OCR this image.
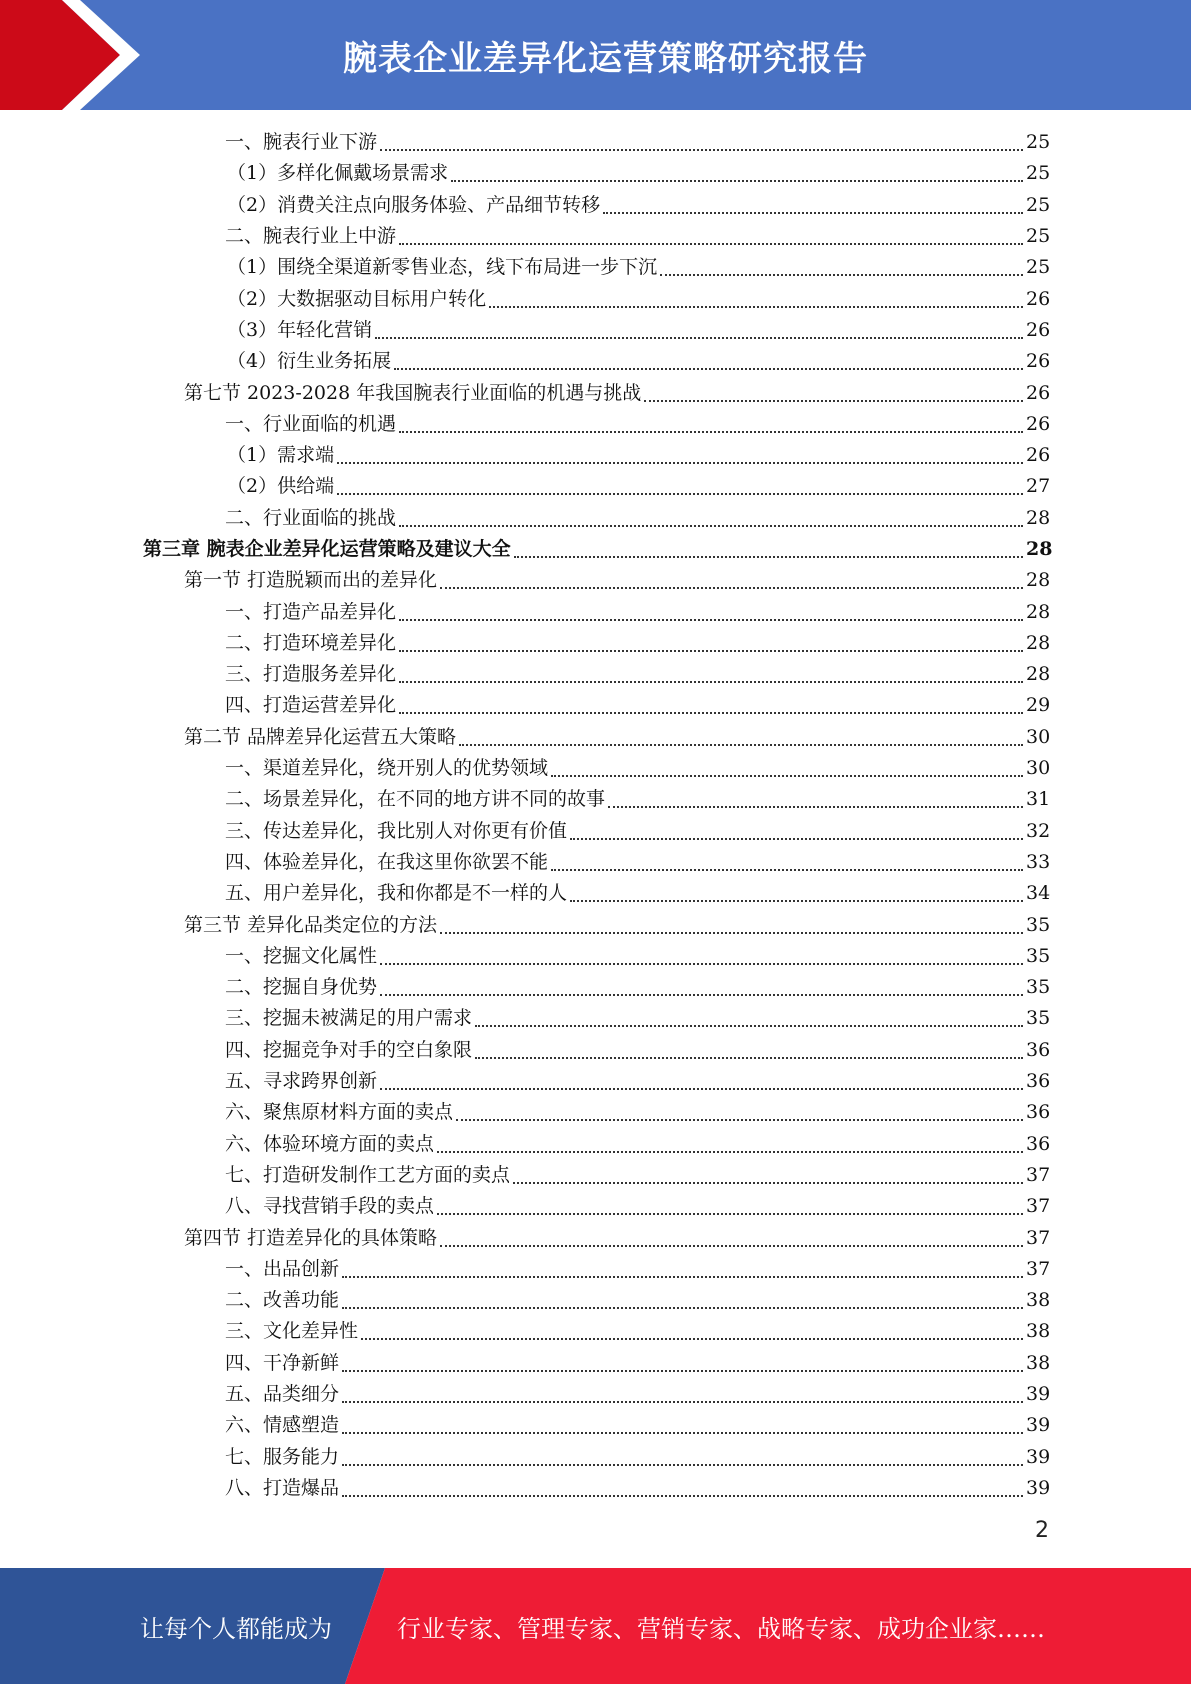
腕表企业差异化运营策略研究报告
一、腕表行业下游	25
（1）多样化佩戴场景需求	25
（2）消费关注点向服务体验、产品细节转移	25
二、腕表行业上中游	25
（1）围绕全渠道新零售业态，线下布局进一步下沉	25
（2）大数据驱动目标用户转化	26
（3）年轻化营销	26
（4）衍生业务拓展	26
第七节 2023-2028 年我国腕表行业面临的机遇与挑战	26
一、行业面临的机遇	26
（1）需求端	26
（2）供给端	27
二、行业面临的挑战	28
第三章 腕表企业差异化运营策略及建议大全	28
第一节 打造脱颖而出的差异化	28
一、打造产品差异化	28
二、打造环境差异化	28
三、打造服务差异化	28
四、打造运营差异化	29
第二节 品牌差异化运营五大策略	30
一、渠道差异化，绕开别人的优势领域	30
二、场景差异化，在不同的地方讲不同的故事	31
三、传达差异化，我比别人对你更有价值	32
四、体验差异化，在我这里你欲罢不能	33
五、用户差异化，我和你都是不一样的人	34
第三节 差异化品类定位的方法	35
一、挖掘文化属性	35
二、挖掘自身优势	35
三、挖掘未被满足的用户需求	35
四、挖掘竞争对手的空白象限	36
五、寻求跨界创新	36
六、聚焦原材料方面的卖点	36
六、体验环境方面的卖点	36
七、打造研发制作工艺方面的卖点	37
八、寻找营销手段的卖点	37
第四节 打造差异化的具体策略	37
一、出品创新	37
二、改善功能	38
三、文化差异性	38
四、干净新鲜	38
五、品类细分	39
六、情感塑造	39
七、服务能力	39
八、打造爆品	39
2
让每个人都能成为	行业专家、管理专家、营销专家、战略专家、成功企业家……
